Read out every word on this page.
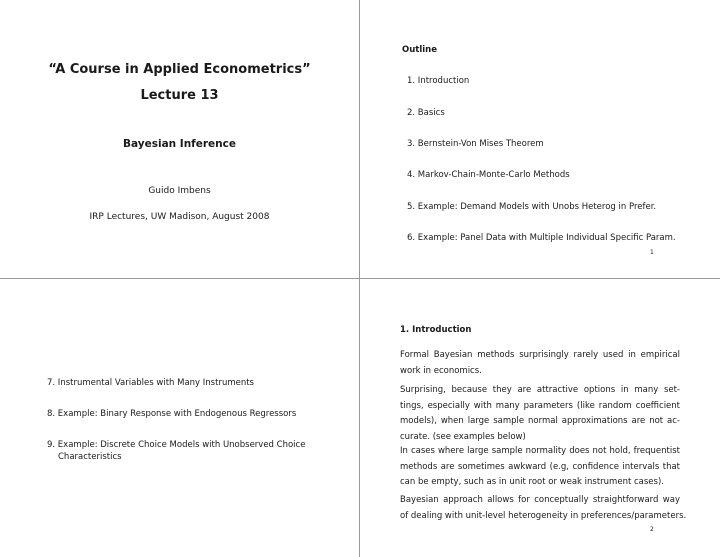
“A Course in Applied Econometrics”
Lecture 13
Bayesian Inference
Guido Imbens
IRP Lectures, UW Madison, August 2008
Outline
1. Introduction
2. Basics
3. Bernstein-Von Mises Theorem
4. Markov-Chain-Monte-Carlo Methods
5. Example: Demand Models with Unobs Heterog in Prefer.
6. Example: Panel Data with Multiple Individual Specific Param.
1
7. Instrumental Variables with Many Instruments
8. Example: Binary Response with Endogenous Regressors
9. Example: Discrete Choice Models with Unobserved Choice
Characteristics
1. Introduction
Formal Bayesian methods surprisingly rarely used in empirical
work in economics.
Surprising, because they are attractive options in many set-
tings, especially with many parameters (like random coefficient
models), when large sample normal approximations are not ac-
curate. (see examples below)
In cases where large sample normality does not hold, frequentist
methods are sometimes awkward (e.g, confidence intervals that
can be empty, such as in unit root or weak instrument cases).
Bayesian approach allows for conceptually straightforward way
of dealing with unit-level heterogeneity in preferences/parameters.
2
